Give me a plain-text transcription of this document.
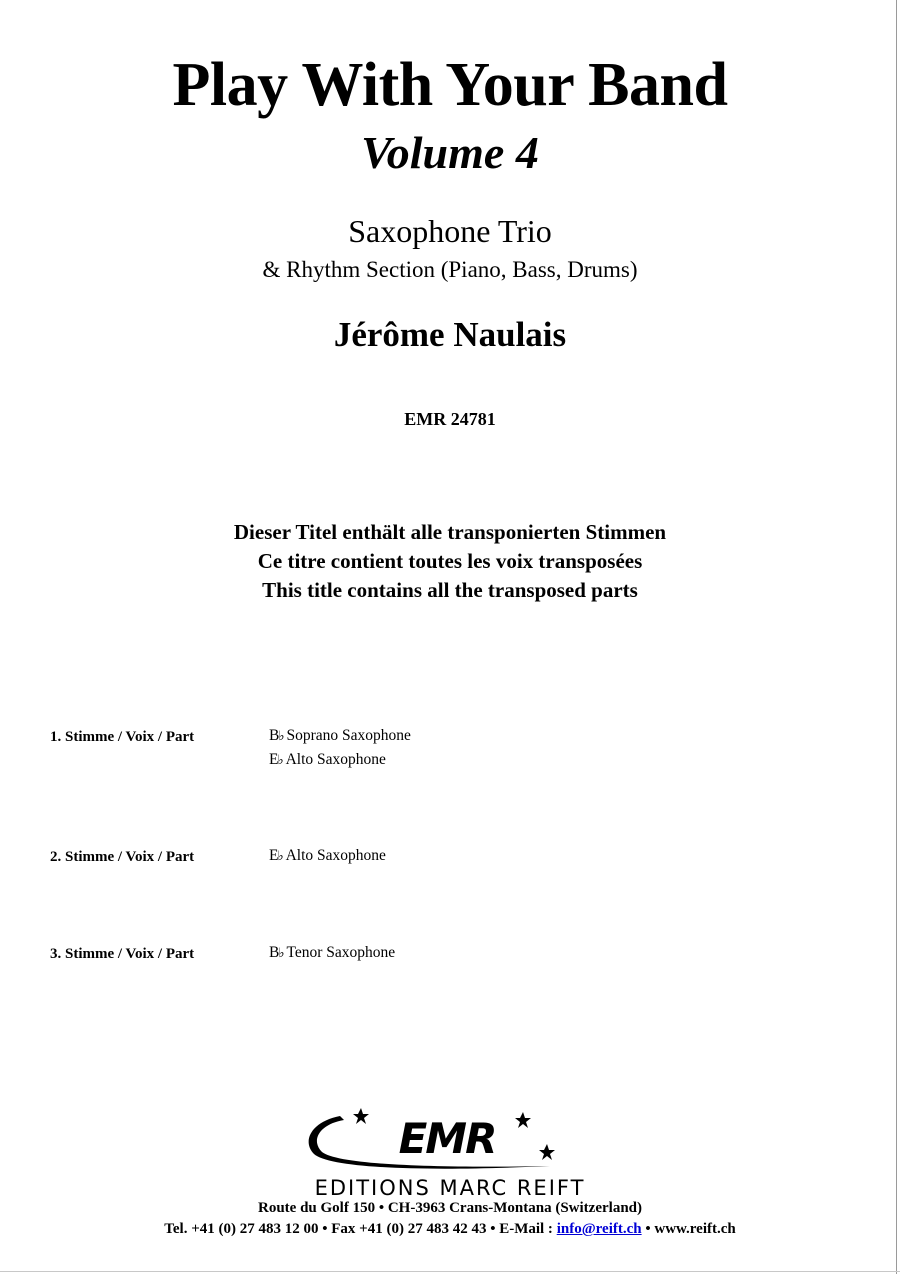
Play With Your Band
Volume 4
Saxophone Trio
& Rhythm Section (Piano, Bass, Drums)
Jérôme Naulais
EMR 24781
Dieser Titel enthält alle transponierten Stimmen
Ce titre contient toutes les voix transposées
This title contains all the transposed parts
1. Stimme / Voix / Part	B♭ Soprano Saxophone
E♭ Alto Saxophone
2. Stimme / Voix / Part	E♭ Alto Saxophone
3. Stimme / Voix / Part	B♭ Tenor Saxophone
EMR
EDITIONS MARC REIFT
Route du Golf 150 • CH-3963 Crans-Montana (Switzerland)
Tel. +41 (0) 27 483 12 00 • Fax +41 (0) 27 483 42 43 • E-Mail : info@reift.ch • www.reift.ch
